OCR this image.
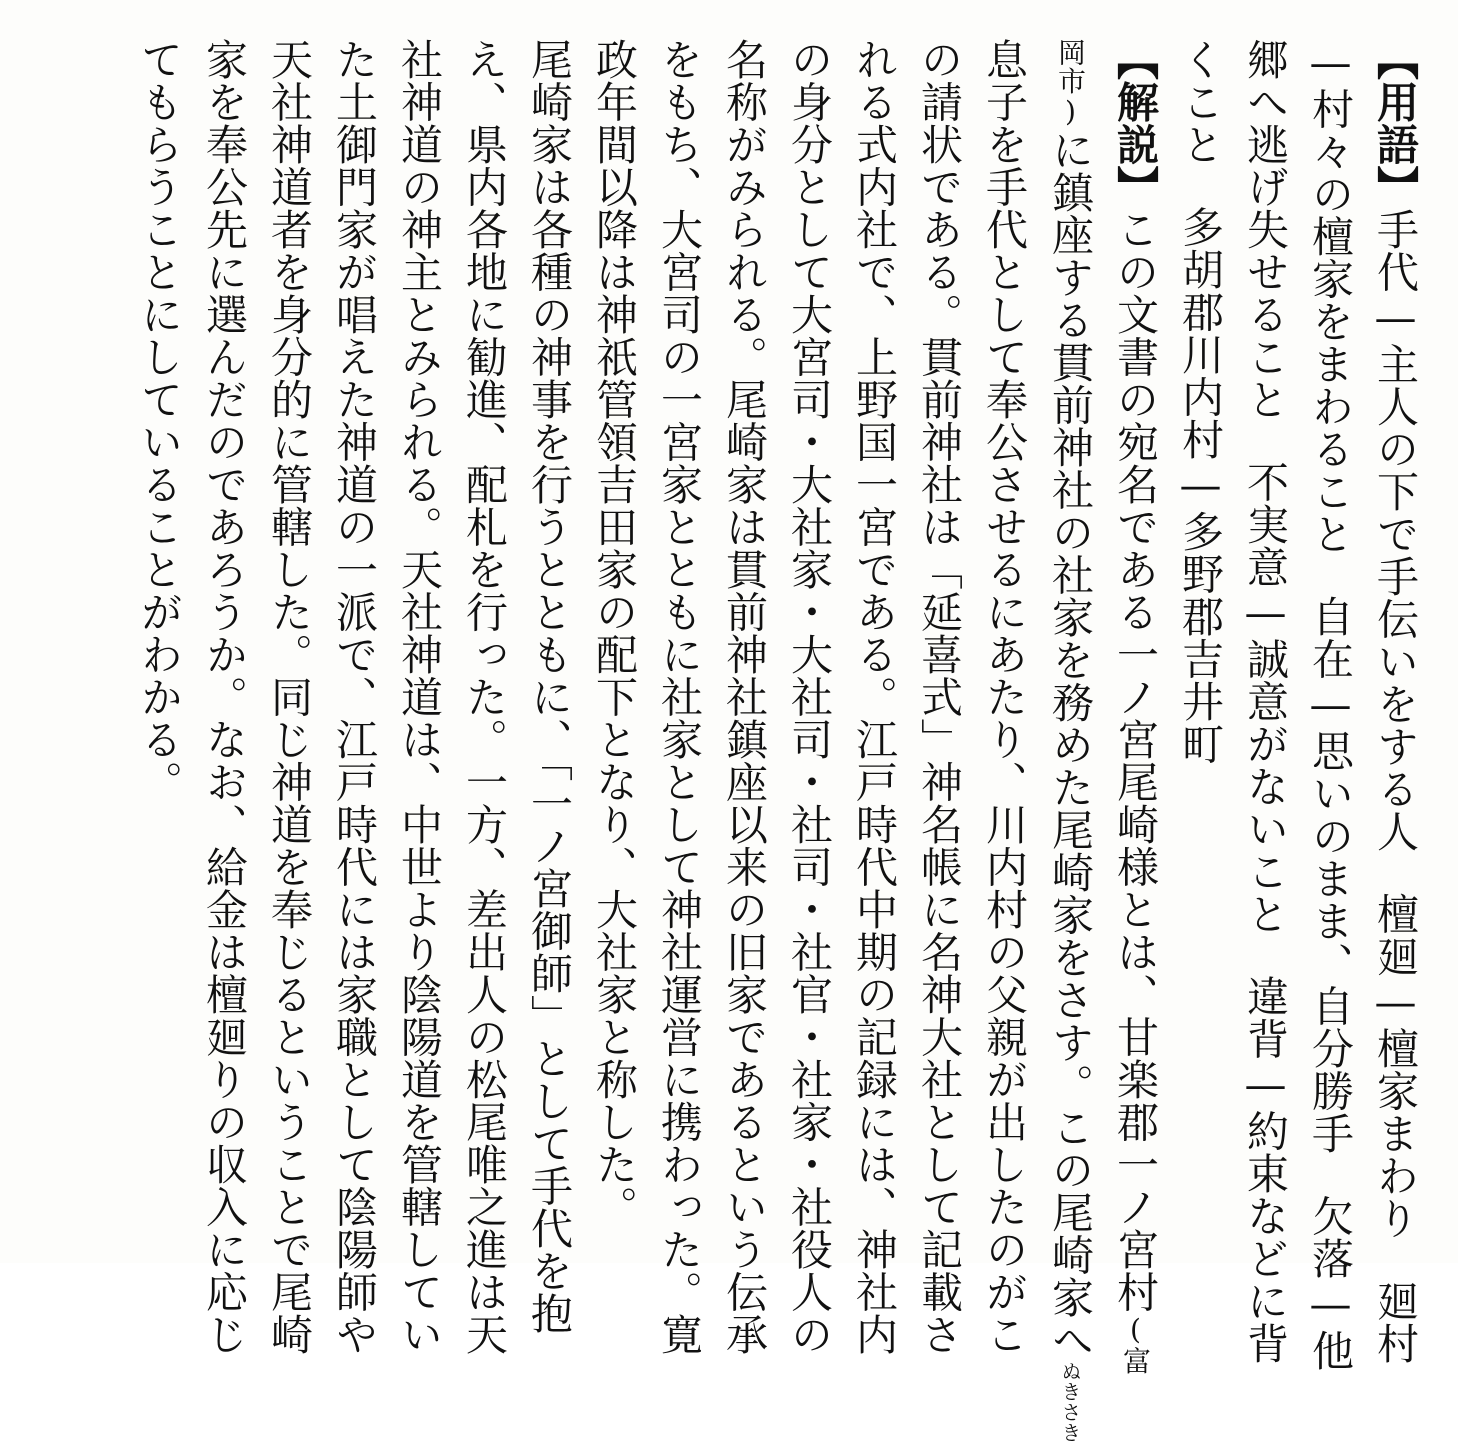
【用語】手代—主人の下で手伝いをする人檀廻—檀家まわり廻村
—村々の檀家をまわること自在—思いのまま、自分勝手欠落—他
郷へ逃げ失せること不実意—誠意がないこと違背—約束などに背
くこと多胡郡川内村—多野郡吉井町
【解説】この文書の宛名である一ノ宮尾崎様とは、甘楽郡一ノ宮村(富
岡市)に鎮座する貫前神社の社家を務めた尾崎家をさす。この尾崎家へぬきさき
息子を手代として奉公させるにあたり、川内村の父親が出したのがこ
の請状である。貫前神社は「延喜式」神名帳に名神大社として記載さ
れる式内社で、上野国一宮である。江戸時代中期の記録には、神社内
の身分として大宮司・大社家・大社司・社司・社官・社家・社役人の
名称がみられる。尾崎家は貫前神社鎮座以来の旧家であるという伝承
をもち、大宮司の一宮家とともに社家として神社運営に携わった。寛
政年間以降は神祇管領吉田家の配下となり、大社家と称した。
尾崎家は各種の神事を行うとともに、「一ノ宮御師」として手代を抱
え、県内各地に勧進、配札を行った。一方、差出人の松尾唯之進は天
社神道の神主とみられる。天社神道は、中世より陰陽道を管轄してい
た土御門家が唱えた神道の一派で、江戸時代には家職として陰陽師や
天社神道者を身分的に管轄した。同じ神道を奉じるということで尾崎
家を奉公先に選んだのであろうか。なお、給金は檀廻りの収入に応じ
てもらうことにしていることがわかる。
